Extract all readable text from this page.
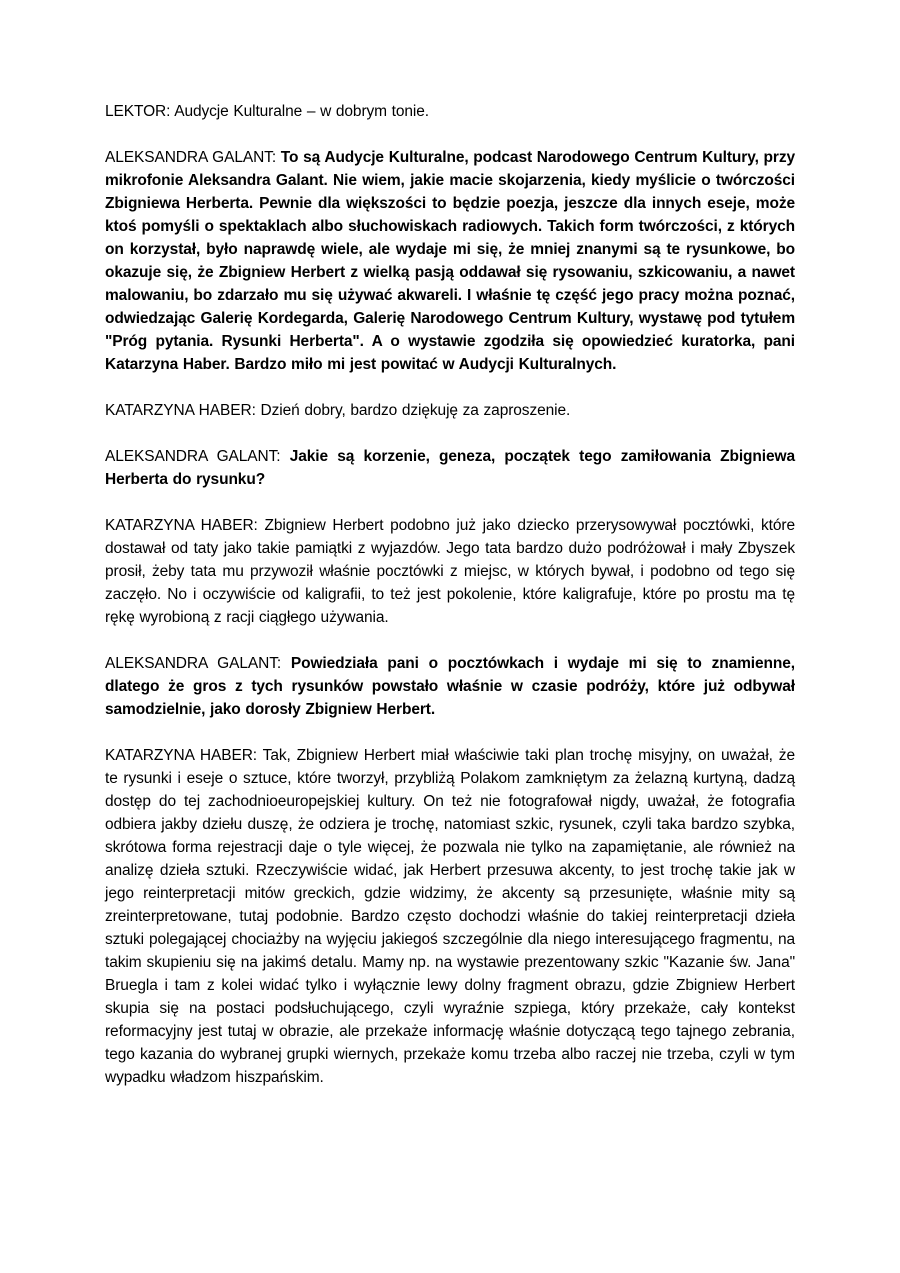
LEKTOR: Audycje Kulturalne – w dobrym tonie.

ALEKSANDRA GALANT: To są Audycje Kulturalne, podcast Narodowego Centrum Kultury, przy mikrofonie Aleksandra Galant. Nie wiem, jakie macie skojarzenia, kiedy myślicie o twórczości Zbigniewa Herberta. Pewnie dla większości to będzie poezja, jeszcze dla innych eseje, może ktoś pomyśli o spektaklach albo słuchowiskach radiowych. Takich form twórczości, z których on korzystał, było naprawdę wiele, ale wydaje mi się, że mniej znanymi są te rysunkowe, bo okazuje się, że Zbigniew Herbert z wielką pasją oddawał się rysowaniu, szkicowaniu, a nawet malowaniu, bo zdarzało mu się używać akwareli. I właśnie tę część jego pracy można poznać, odwiedzając Galerię Kordegarda, Galerię Narodowego Centrum Kultury, wystawę pod tytułem "Próg pytania. Rysunki Herberta". A o wystawie zgodziła się opowiedzieć kuratorka, pani Katarzyna Haber. Bardzo miło mi jest powitać w Audycji Kulturalnych.

KATARZYNA HABER: Dzień dobry, bardzo dziękuję za zaproszenie.

ALEKSANDRA GALANT: Jakie są korzenie, geneza, początek tego zamiłowania Zbigniewa Herberta do rysunku?

KATARZYNA HABER: Zbigniew Herbert podobno już jako dziecko przerysowywał pocztówki, które dostawał od taty jako takie pamiątki z wyjazdów. Jego tata bardzo dużo podróżował i mały Zbyszek prosił, żeby tata mu przywoził właśnie pocztówki z miejsc, w których bywał, i podobno od tego się zaczęło. No i oczywiście od kaligrafii, to też jest pokolenie, które kaligrafuje, które po prostu ma tę rękę wyrobioną z racji ciągłego używania.

ALEKSANDRA GALANT: Powiedziała pani o pocztówkach i wydaje mi się to znamienne, dlatego że gros z tych rysunków powstało właśnie w czasie podróży, które już odbywał samodzielnie, jako dorosły Zbigniew Herbert.

KATARZYNA HABER: Tak, Zbigniew Herbert miał właściwie taki plan trochę misyjny, on uważał, że te rysunki i eseje o sztuce, które tworzył, przybliżą Polakom zamkniętym za żelazną kurtyną, dadzą dostęp do tej zachodnioeuropejskiej kultury. On też nie fotografował nigdy, uważał, że fotografia odbiera jakby dziełu duszę, że odziera je trochę, natomiast szkic, rysunek, czyli taka bardzo szybka, skrótowa forma rejestracji daje o tyle więcej, że pozwala nie tylko na zapamiętanie, ale również na analizę dzieła sztuki. Rzeczywiście widać, jak Herbert przesuwa akcenty, to jest trochę takie jak w jego reinterpretacji mitów greckich, gdzie widzimy, że akcenty są przesunięte, właśnie mity są zreinterpretowane, tutaj podobnie. Bardzo często dochodzi właśnie do takiej reinterpretacji dzieła sztuki polegającej chociażby na wyjęciu jakiegoś szczególnie dla niego interesującego fragmentu, na takim skupieniu się na jakimś detalu. Mamy np. na wystawie prezentowany szkic "Kazanie św. Jana" Bruegla i tam z kolei widać tylko i wyłącznie lewy dolny fragment obrazu, gdzie Zbigniew Herbert skupia się na postaci podsłuchującego, czyli wyraźnie szpiega, który przekaże, cały kontekst reformacyjny jest tutaj w obrazie, ale przekaże informację właśnie dotyczącą tego tajnego zebrania, tego kazania do wybranej grupki wiernych, przekaże komu trzeba albo raczej nie trzeba, czyli w tym wypadku władzom hiszpańskim.
